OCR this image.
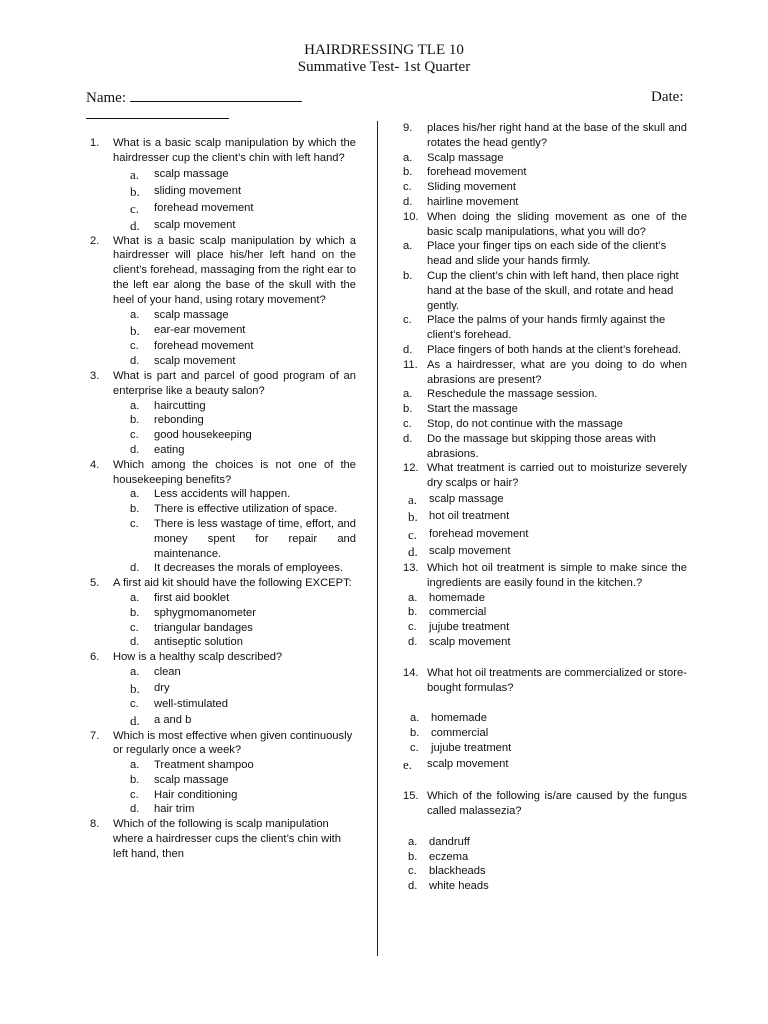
HAIRDRESSING TLE 10
Summative Test- 1st Quarter
Name:	Date:
1.	What is a basic scalp manipulation by which the hairdresser cup the client’s chin with left hand?
a.	scalp massage
b.	sliding movement
c.	forehead movement
d.	scalp movement
2.	What is a basic scalp manipulation by which a hairdresser will place his/her left hand on the client’s forehead, massaging from the right ear to the left ear along the base of the skull with the heel of your hand, using rotary movement?
a.	scalp massage
b.	ear-ear movement
c.	forehead movement
d.	scalp movement
3.	What is part and parcel of good program of an enterprise like a beauty salon?
a.	haircutting
b.	rebonding
c.	good housekeeping
d.	eating
4.	Which among the choices is not one of the housekeeping benefits?
a.	Less accidents will happen.
b.	There is effective utilization of space.
c.	There is less wastage of time, effort, and money spent for repair and maintenance.
d.	It decreases the morals of employees.
5.	A first aid kit should have the following EXCEPT:
a.	first aid booklet
b.	sphygmomanometer
c.	triangular bandages
d.	antiseptic solution
6.	How is a healthy scalp described?
a.	clean
b.	dry
c.	well-stimulated
d.	a and b
7.	Which is most effective when given continuously or regularly once a week?
a.	Treatment shampoo
b.	scalp massage
c.	Hair conditioning
d.	hair trim
8.	Which of the following is scalp manipulation where a hairdresser cups the client’s chin with left hand, then
9.	places his/her right hand at the base of the skull and rotates the head gently?
a.	Scalp massage
b.	forehead movement
c.	Sliding movement
d.	hairline movement
10. When doing the sliding movement as one of the basic scalp manipulations, what you will do?
a.	Place your finger tips on each side of the client’s head and slide your hands firmly.
b.	Cup the client’s chin with left hand, then place right hand at the base of the skull, and rotate and head gently.
c.	Place the palms of your hands firmly against the client’s forehead.
d.	Place fingers of both hands at the client’s forehead.
11. As a hairdresser, what are you doing to do when abrasions are present?
a.	Reschedule the massage session.
b.	Start the massage
c.	Stop, do not continue with the massage
d.	Do the massage but skipping those areas with abrasions.
12. What treatment is carried out to moisturize severely dry scalps or hair?
a.	scalp massage
b.	hot oil treatment
c.	forehead movement
d.	scalp movement
13. Which hot oil treatment is simple to make since the ingredients are easily found in the kitchen.?
a.	homemade
b.	commercial
c.	jujube treatment
d.	scalp movement
14. What hot oil treatments are commercialized or store-bought formulas?
a.	homemade
b.	commercial
c.	jujube treatment
e.	scalp movement
15. Which of the following is/are caused by the fungus called malassezia?
a.	dandruff
b.	eczema
c.	blackheads
d.	white heads
